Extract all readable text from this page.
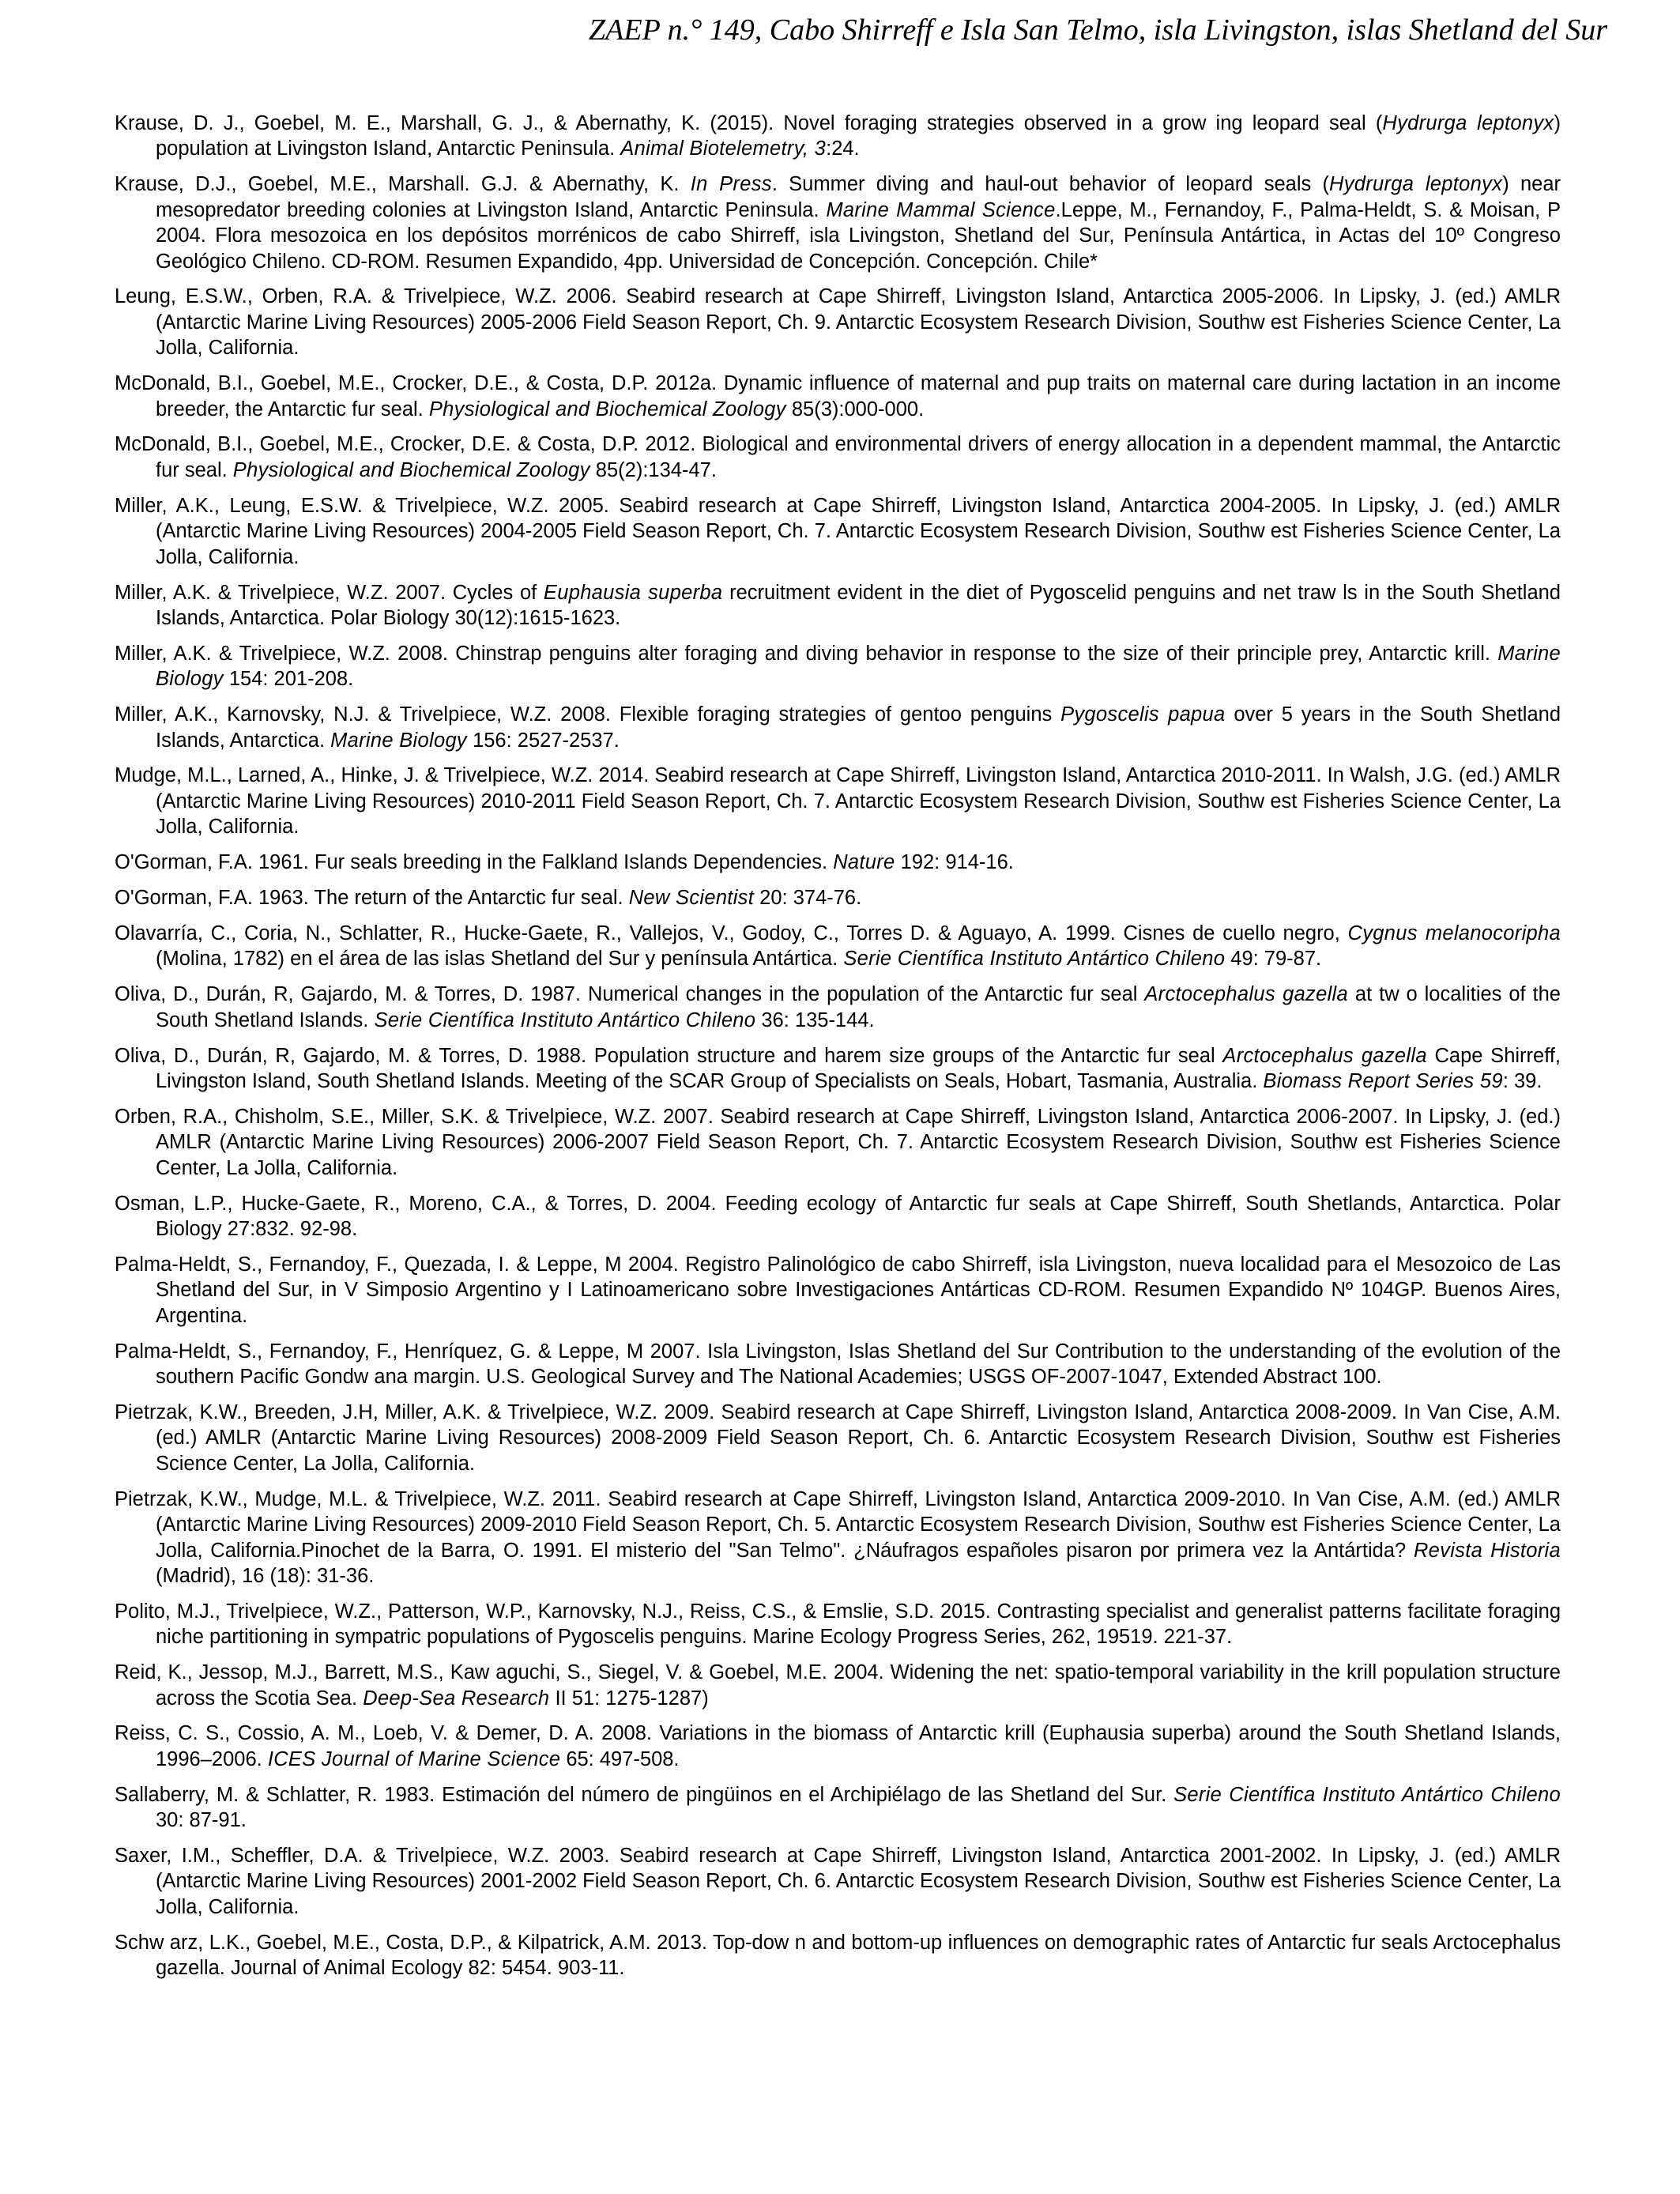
ZAEP n.° 149, Cabo Shirreff e Isla San Telmo, isla Livingston, islas Shetland del Sur
Krause, D. J., Goebel, M. E., Marshall, G. J., & Abernathy, K. (2015). Novel foraging strategies observed in a grow ing leopard seal (Hydrurga leptonyx) population at Livingston Island, Antarctic Peninsula. Animal Biotelemetry, 3:24.
Krause, D.J., Goebel, M.E., Marshall. G.J. & Abernathy, K. In Press. Summer diving and haul-out behavior of leopard seals (Hydrurga leptonyx) near mesopredator breeding colonies at Livingston Island, Antarctic Peninsula. Marine Mammal Science.Leppe, M., Fernandoy, F., Palma-Heldt, S. & Moisan, P 2004. Flora mesozoica en los depósitos morrénicos de cabo Shirreff, isla Livingston, Shetland del Sur, Península Antártica, in Actas del 10º Congreso Geológico Chileno. CD-ROM. Resumen Expandido, 4pp. Universidad de Concepción. Concepción. Chile*
Leung, E.S.W., Orben, R.A. & Trivelpiece, W.Z. 2006. Seabird research at Cape Shirreff, Livingston Island, Antarctica 2005-2006. In Lipsky, J. (ed.) AMLR (Antarctic Marine Living Resources) 2005-2006 Field Season Report, Ch. 9. Antarctic Ecosystem Research Division, Southw est Fisheries Science Center, La Jolla, California.
McDonald, B.I., Goebel, M.E., Crocker, D.E., & Costa, D.P. 2012a. Dynamic influence of maternal and pup traits on maternal care during lactation in an income breeder, the Antarctic fur seal. Physiological and Biochemical Zoology 85(3):000-000.
McDonald, B.I., Goebel, M.E., Crocker, D.E. & Costa, D.P. 2012. Biological and environmental drivers of energy allocation in a dependent mammal, the Antarctic fur seal. Physiological and Biochemical Zoology 85(2):134-47.
Miller, A.K., Leung, E.S.W. & Trivelpiece, W.Z. 2005. Seabird research at Cape Shirreff, Livingston Island, Antarctica 2004-2005. In Lipsky, J. (ed.) AMLR (Antarctic Marine Living Resources) 2004-2005 Field Season Report, Ch. 7. Antarctic Ecosystem Research Division, Southw est Fisheries Science Center, La Jolla, California.
Miller, A.K. & Trivelpiece, W.Z. 2007. Cycles of Euphausia superba recruitment evident in the diet of Pygoscelid penguins and net traw ls in the South Shetland Islands, Antarctica. Polar Biology 30(12):1615-1623.
Miller, A.K. & Trivelpiece, W.Z. 2008. Chinstrap penguins alter foraging and diving behavior in response to the size of their principle prey, Antarctic krill. Marine Biology 154: 201-208.
Miller, A.K., Karnovsky, N.J. & Trivelpiece, W.Z. 2008. Flexible foraging strategies of gentoo penguins Pygoscelis papua over 5 years in the South Shetland Islands, Antarctica. Marine Biology 156: 2527-2537.
Mudge, M.L., Larned, A., Hinke, J. & Trivelpiece, W.Z. 2014. Seabird research at Cape Shirreff, Livingston Island, Antarctica 2010-2011. In Walsh, J.G. (ed.) AMLR (Antarctic Marine Living Resources) 2010-2011 Field Season Report, Ch. 7. Antarctic Ecosystem Research Division, Southw est Fisheries Science Center, La Jolla, California.
O'Gorman, F.A. 1961. Fur seals breeding in the Falkland Islands Dependencies. Nature 192: 914-16.
O'Gorman, F.A. 1963. The return of the Antarctic fur seal. New Scientist 20: 374-76.
Olavarría, C., Coria, N., Schlatter, R., Hucke-Gaete, R., Vallejos, V., Godoy, C., Torres D. & Aguayo, A. 1999. Cisnes de cuello negro, Cygnus melanocoripha (Molina, 1782) en el área de las islas Shetland del Sur y península Antártica. Serie Científica Instituto Antártico Chileno 49: 79-87.
Oliva, D., Durán, R, Gajardo, M. & Torres, D. 1987. Numerical changes in the population of the Antarctic fur seal Arctocephalus gazella at tw o localities of the South Shetland Islands. Serie Científica Instituto Antártico Chileno 36: 135-144.
Oliva, D., Durán, R, Gajardo, M. & Torres, D. 1988. Population structure and harem size groups of the Antarctic fur seal Arctocephalus gazella Cape Shirreff, Livingston Island, South Shetland Islands. Meeting of the SCAR Group of Specialists on Seals, Hobart, Tasmania, Australia. Biomass Report Series 59: 39.
Orben, R.A., Chisholm, S.E., Miller, S.K. & Trivelpiece, W.Z. 2007. Seabird research at Cape Shirreff, Livingston Island, Antarctica 2006-2007. In Lipsky, J. (ed.) AMLR (Antarctic Marine Living Resources) 2006-2007 Field Season Report, Ch. 7. Antarctic Ecosystem Research Division, Southw est Fisheries Science Center, La Jolla, California.
Osman, L.P., Hucke-Gaete, R., Moreno, C.A., & Torres, D. 2004. Feeding ecology of Antarctic fur seals at Cape Shirreff, South Shetlands, Antarctica. Polar Biology 27:832. 92-98.
Palma-Heldt, S., Fernandoy, F., Quezada, I. & Leppe, M 2004. Registro Palinológico de cabo Shirreff, isla Livingston, nueva localidad para el Mesozoico de Las Shetland del Sur, in V Simposio Argentino y I Latinoamericano sobre Investigaciones Antárticas CD-ROM. Resumen Expandido Nº 104GP. Buenos Aires, Argentina.
Palma-Heldt, S., Fernandoy, F., Henríquez, G. & Leppe, M 2007. Isla Livingston, Islas Shetland del Sur Contribution to the understanding of the evolution of the southern Pacific Gondw ana margin. U.S. Geological Survey and The National Academies; USGS OF-2007-1047, Extended Abstract 100.
Pietrzak, K.W., Breeden, J.H, Miller, A.K. & Trivelpiece, W.Z. 2009. Seabird research at Cape Shirreff, Livingston Island, Antarctica 2008-2009. In Van Cise, A.M. (ed.) AMLR (Antarctic Marine Living Resources) 2008-2009 Field Season Report, Ch. 6. Antarctic Ecosystem Research Division, Southw est Fisheries Science Center, La Jolla, California.
Pietrzak, K.W., Mudge, M.L. & Trivelpiece, W.Z. 2011. Seabird research at Cape Shirreff, Livingston Island, Antarctica 2009-2010. In Van Cise, A.M. (ed.) AMLR (Antarctic Marine Living Resources) 2009-2010 Field Season Report, Ch. 5. Antarctic Ecosystem Research Division, Southw est Fisheries Science Center, La Jolla, California.Pinochet de la Barra, O. 1991. El misterio del "San Telmo". ¿Náufragos españoles pisaron por primera vez la Antártida? Revista Historia (Madrid), 16 (18): 31-36.
Polito, M.J., Trivelpiece, W.Z., Patterson, W.P., Karnovsky, N.J., Reiss, C.S., & Emslie, S.D. 2015. Contrasting specialist and generalist patterns facilitate foraging niche partitioning in sympatric populations of Pygoscelis penguins. Marine Ecology Progress Series, 262, 19519. 221-37.
Reid, K., Jessop, M.J., Barrett, M.S., Kaw aguchi, S., Siegel, V. & Goebel, M.E. 2004. Widening the net: spatio-temporal variability in the krill population structure across the Scotia Sea. Deep-Sea Research II 51: 1275-1287)
Reiss, C. S., Cossio, A. M., Loeb, V. & Demer, D. A. 2008. Variations in the biomass of Antarctic krill (Euphausia superba) around the South Shetland Islands, 1996–2006. ICES Journal of Marine Science 65: 497-508.
Sallaberry, M. & Schlatter, R. 1983. Estimación del número de pingüinos en el Archipiélago de las Shetland del Sur. Serie Científica Instituto Antártico Chileno 30: 87-91.
Saxer, I.M., Scheffler, D.A. & Trivelpiece, W.Z. 2003. Seabird research at Cape Shirreff, Livingston Island, Antarctica 2001-2002. In Lipsky, J. (ed.) AMLR (Antarctic Marine Living Resources) 2001-2002 Field Season Report, Ch. 6. Antarctic Ecosystem Research Division, Southw est Fisheries Science Center, La Jolla, California.
Schw arz, L.K., Goebel, M.E., Costa, D.P., & Kilpatrick, A.M. 2013. Top-dow n and bottom-up influences on demographic rates of Antarctic fur seals Arctocephalus gazella. Journal of Animal Ecology 82: 5454. 903-11.
